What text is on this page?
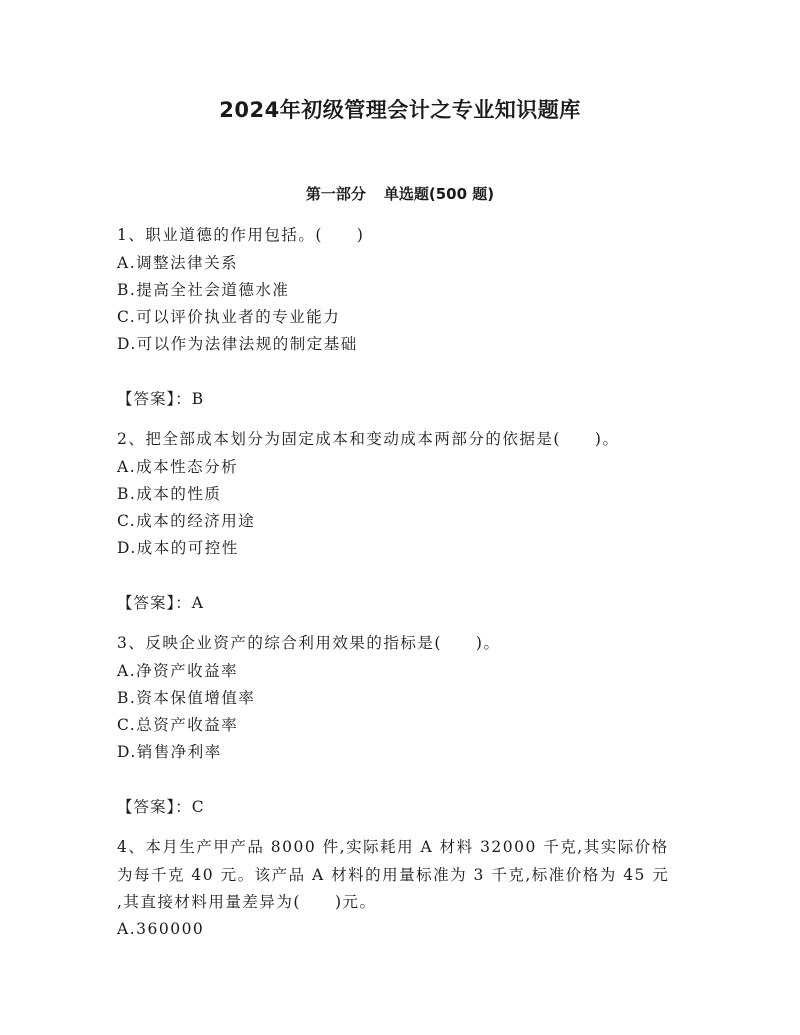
2024年初级管理会计之专业知识题库
第一部分 单选题(500 题)
1、职业道德的作用包括。(　　)
A.调整法律关系
B.提高全社会道德水准
C.可以评价执业者的专业能力
D.可以作为法律法规的制定基础
【答案】：B
2、把全部成本划分为固定成本和变动成本两部分的依据是(　　)。
A.成本性态分析
B.成本的性质
C.成本的经济用途
D.成本的可控性
【答案】：A
3、反映企业资产的综合利用效果的指标是(　　)。
A.净资产收益率
B.资本保值增值率
C.总资产收益率
D.销售净利率
【答案】：C
4、本月生产甲产品 8000 件,实际耗用 A 材料 32000 千克,其实际价格
为每千克 40 元。该产品 A 材料的用量标准为 3 千克,标准价格为 45 元
,其直接材料用量差异为(　　)元。
A.360000
